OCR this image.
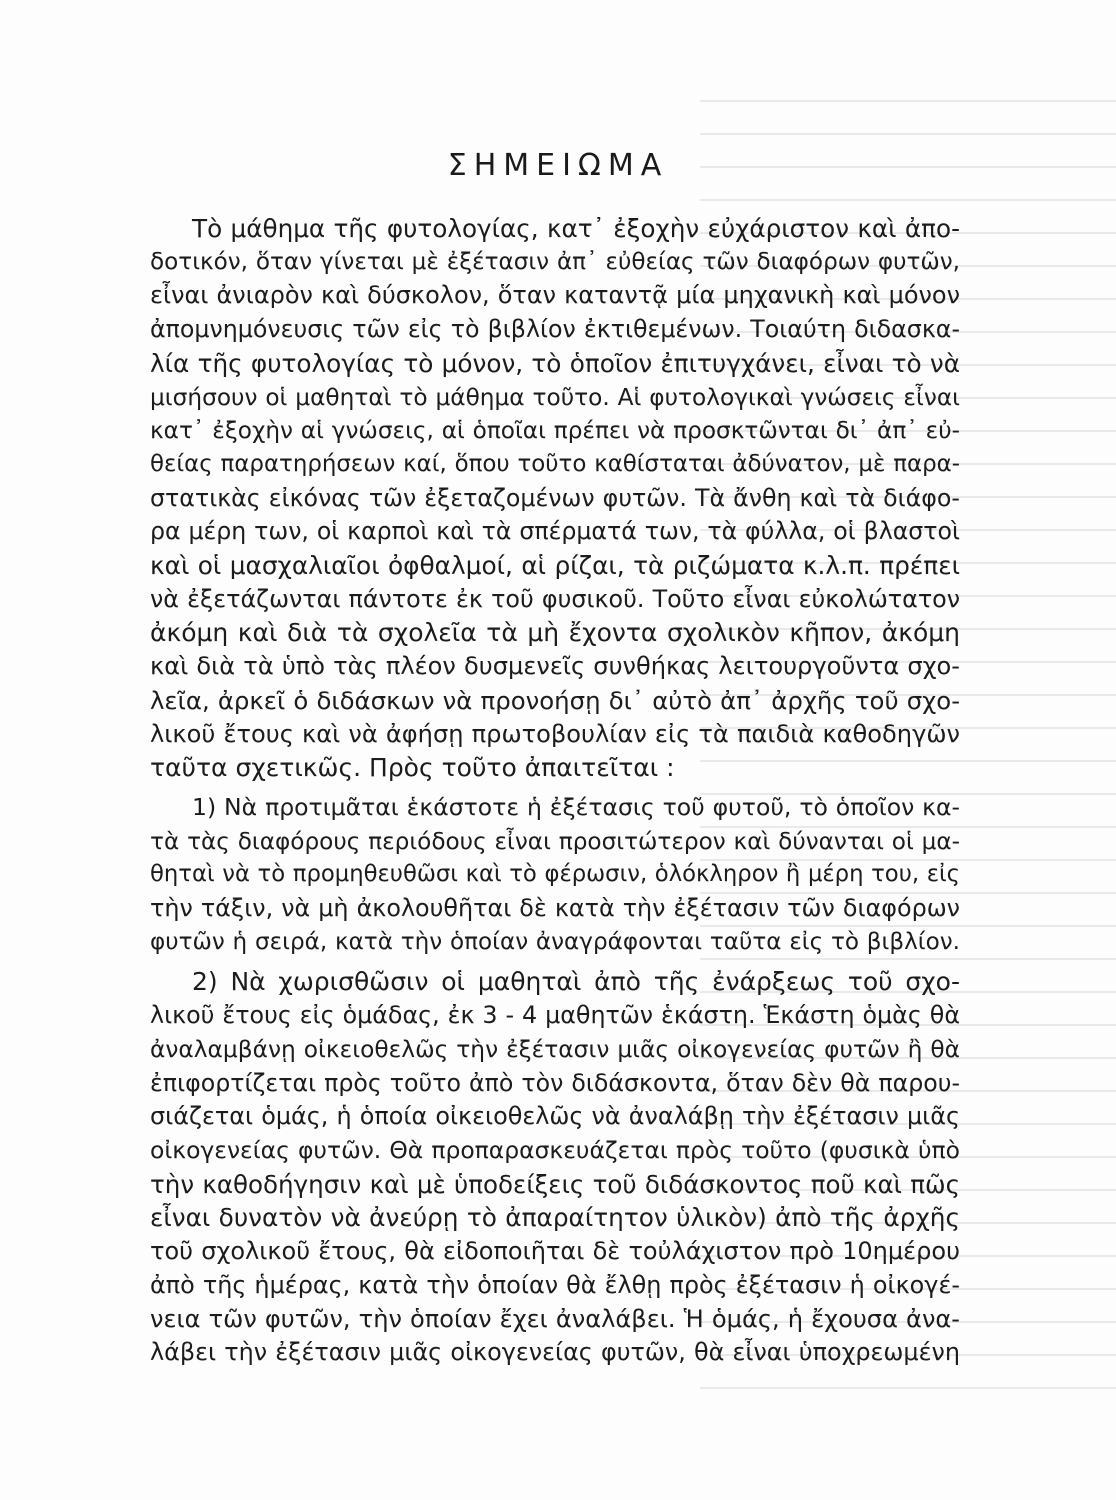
ΣΗΜΕΙΩΜΑ
Τὸ μάθημα τῆς φυτολογίας, κατ᾽ ἐξοχὴν εὐχάριστον καὶ ἀπο-
δοτικόν, ὅταν γίνεται μὲ ἐξέτασιν ἀπ᾽ εὐθείας τῶν διαφόρων φυτῶν,
εἶναι ἀνιαρὸν καὶ δύσκολον, ὅταν καταντᾷ μία μηχανικὴ καὶ μόνον
ἀπομνημόνευσις τῶν εἰς τὸ βιβλίον ἐκτιθεμένων. Τοιαύτη διδασκα-
λία τῆς φυτολογίας τὸ μόνον, τὸ ὁποῖον ἐπιτυγχάνει, εἶναι τὸ νὰ
μισήσουν οἱ μαθηταὶ τὸ μάθημα τοῦτο. Αἱ φυτολογικαὶ γνώσεις εἶναι
κατ᾽ ἐξοχὴν αἱ γνώσεις, αἱ ὁποῖαι πρέπει νὰ προσκτῶνται δι᾽ ἀπ᾽ εὐ-
θείας παρατηρήσεων καί, ὅπου τοῦτο καθίσταται ἀδύνατον, μὲ παρα-
στατικὰς εἰκόνας τῶν ἐξεταζομένων φυτῶν. Τὰ ἄνθη καὶ τὰ διάφο-
ρα μέρη των, οἱ καρποὶ καὶ τὰ σπέρματά των, τὰ φύλλα, οἱ βλαστοὶ
καὶ οἱ μασχαλιαῖοι ὀφθαλμοί, αἱ ρίζαι, τὰ ριζώματα κ.λ.π. πρέπει
νὰ ἐξετάζωνται πάντοτε ἐκ τοῦ φυσικοῦ. Τοῦτο εἶναι εὐκολώτατον
ἀκόμη καὶ διὰ τὰ σχολεῖα τὰ μὴ ἔχοντα σχολικὸν κῆπον, ἀκόμη
καὶ διὰ τὰ ὑπὸ τὰς πλέον δυσμενεῖς συνθήκας λειτουργοῦντα σχο-
λεῖα, ἀρκεῖ ὁ διδάσκων νὰ προνοήσῃ δι᾽ αὐτὸ ἀπ᾽ ἀρχῆς τοῦ σχο-
λικοῦ ἔτους καὶ νὰ ἀφήσῃ πρωτοβουλίαν εἰς τὰ παιδιὰ καθοδηγῶν
ταῦτα σχετικῶς. Πρὸς τοῦτο ἀπαιτεῖται :
1) Νὰ προτιμᾶται ἑκάστοτε ἡ ἐξέτασις τοῦ φυτοῦ, τὸ ὁποῖον κα-
τὰ τὰς διαφόρους περιόδους εἶναι προσιτώτερον καὶ δύνανται οἱ μα-
θηταὶ νὰ τὸ προμηθευθῶσι καὶ τὸ φέρωσιν, ὁλόκληρον ἢ μέρη του, εἰς
τὴν τάξιν, νὰ μὴ ἀκολουθῆται δὲ κατὰ τὴν ἐξέτασιν τῶν διαφόρων
φυτῶν ἡ σειρά, κατὰ τὴν ὁποίαν ἀναγράφονται ταῦτα εἰς τὸ βιβλίον.
2) Νὰ χωρισθῶσιν οἱ μαθηταὶ ἀπὸ τῆς ἐνάρξεως τοῦ σχο-
λικοῦ ἔτους εἰς ὁμάδας, ἐκ 3 - 4 μαθητῶν ἑκάστη. Ἑκάστη ὁμὰς θὰ
ἀναλαμβάνῃ οἰκειοθελῶς τὴν ἐξέτασιν μιᾶς οἰκογενείας φυτῶν ἢ θὰ
ἐπιφορτίζεται πρὸς τοῦτο ἀπὸ τὸν διδάσκοντα, ὅταν δὲν θὰ παρου-
σιάζεται ὁμάς, ἡ ὁποία οἰκειοθελῶς νὰ ἀναλάβῃ τὴν ἐξέτασιν μιᾶς
οἰκογενείας φυτῶν. Θὰ προπαρασκευάζεται πρὸς τοῦτο (φυσικὰ ὑπὸ
τὴν καθοδήγησιν καὶ μὲ ὑποδείξεις τοῦ διδάσκοντος ποῦ καὶ πῶς
εἶναι δυνατὸν νὰ ἀνεύρῃ τὸ ἀπαραίτητον ὑλικὸν) ἀπὸ τῆς ἀρχῆς
τοῦ σχολικοῦ ἔτους, θὰ εἰδοποιῆται δὲ τοὐλάχιστον πρὸ 10ημέρου
ἀπὸ τῆς ἡμέρας, κατὰ τὴν ὁποίαν θὰ ἔλθῃ πρὸς ἐξέτασιν ἡ οἰκογέ-
νεια τῶν φυτῶν, τὴν ὁποίαν ἔχει ἀναλάβει. Ἡ ὁμάς, ἡ ἔχουσα ἀνα-
λάβει τὴν ἐξέτασιν μιᾶς οἰκογενείας φυτῶν, θὰ εἶναι ὑποχρεωμένη
